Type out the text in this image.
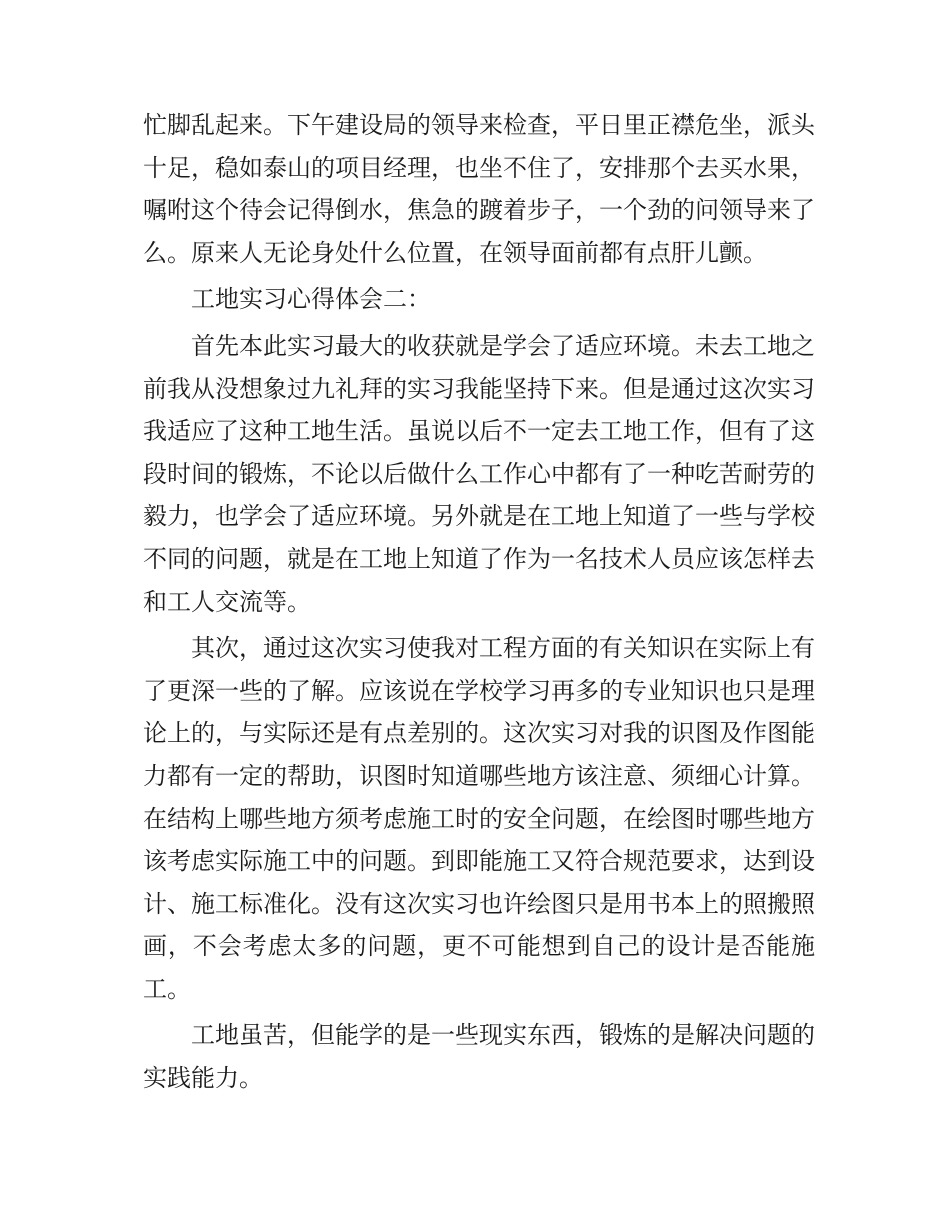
忙脚乱起来。下午建设局的领导来检查，平日里正襟危坐，派头十足，稳如泰山的项目经理，也坐不住了，安排那个去买水果，嘱咐这个待会记得倒水，焦急的踱着步子，一个劲的问领导来了么。原来人无论身处什么位置，在领导面前都有点肝儿颤。

工地实习心得体会二：

首先本此实习最大的收获就是学会了适应环境。未去工地之前我从没想象过九礼拜的实习我能坚持下来。但是通过这次实习我适应了这种工地生活。虽说以后不一定去工地工作，但有了这段时间的锻炼，不论以后做什么工作心中都有了一种吃苦耐劳的毅力，也学会了适应环境。另外就是在工地上知道了一些与学校不同的问题，就是在工地上知道了作为一名技术人员应该怎样去和工人交流等。

其次，通过这次实习使我对工程方面的有关知识在实际上有了更深一些的了解。应该说在学校学习再多的专业知识也只是理论上的，与实际还是有点差别的。这次实习对我的识图及作图能力都有一定的帮助，识图时知道哪些地方该注意、须细心计算。在结构上哪些地方须考虑施工时的安全问题，在绘图时哪些地方该考虑实际施工中的问题。到即能施工又符合规范要求，达到设计、施工标准化。没有这次实习也许绘图只是用书本上的照搬照画，不会考虑太多的问题，更不可能想到自己的设计是否能施工。

工地虽苦，但能学的是一些现实东西，锻炼的是解决问题的实践能力。
